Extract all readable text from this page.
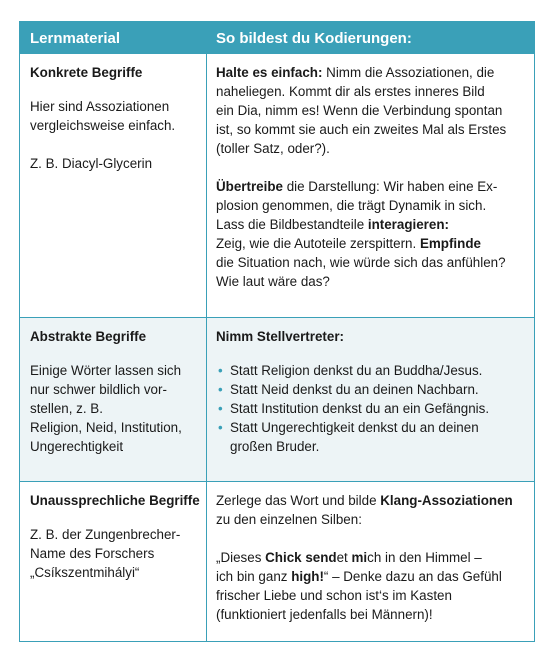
Lernmaterial	So bildest du Kodierungen:

Konkrete Begriffe

Hier sind Assoziationen
vergleichsweise einfach.

Z. B. Diacyl-Glycerin

Halte es einfach: Nimm die Assoziationen, die
naheliegen. Kommt dir als erstes inneres Bild
ein Dia, nimm es! Wenn die Verbindung spontan
ist, so kommt sie auch ein zweites Mal als Erstes
(toller Satz, oder?).

Übertreibe die Darstellung: Wir haben eine Ex-
plosion genommen, die trägt Dynamik in sich.
Lass die Bildbestandteile interagieren:
Zeig, wie die Autoteile zerspittern. Empfinde
die Situation nach, wie würde sich das anfühlen?
Wie laut wäre das?

Abstrakte Begriffe

Einige Wörter lassen sich
nur schwer bildlich vor-
stellen, z. B.
Religion, Neid, Institution,
Ungerechtigkeit

Nimm Stellvertreter:

• Statt Religion denkst du an Buddha/Jesus.
• Statt Neid denkst du an deinen Nachbarn.
• Statt Institution denkst du an ein Gefängnis.
• Statt Ungerechtigkeit denkst du an deinen
großen Bruder.

Unaussprechliche Begriffe

Z. B. der Zungenbrecher-
Name des Forschers
„Csíkszentmihályi“

Zerlege das Wort und bilde Klang-Assoziationen
zu den einzelnen Silben:

„Dieses Chick sendet mich in den Himmel –
ich bin ganz high!“ – Denke dazu an das Gefühl
frischer Liebe und schon ist‘s im Kasten
(funktioniert jedenfalls bei Männern)!
